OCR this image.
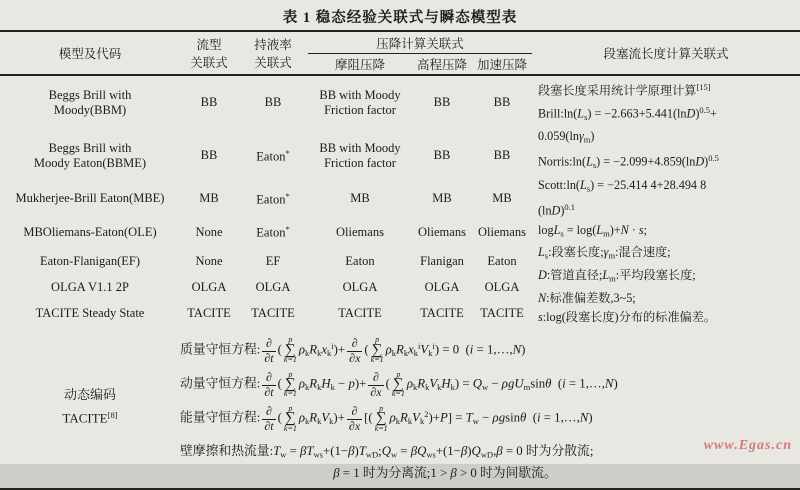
表 1 稳态经验关联式与瞬态模型表
模型及代码	流型
关联式	持液率
关联式	压降计算关联式			段塞流长度计算关联式
			摩阻压降	高程压降	加速压降	
Beggs Brill with
Moody(BBM)	BB	BB	BB with Moody Friction factor	BB	BB	
段塞长度采用统计学原理计算[15]
$Brill:\ln(L_s) = -2.663+5.441(\ln D)^{0.5}+$
0.059(lnγ$_m$)
$Norris:\ln(L_s) = -2.099+4.859(\ln D)^{0.5}$
$Scott:\ln(L_s) = -25.414$ 4+28.494 8
$(\ln D)^{0.1}$
$\log L_s = \log(L_m)+N \cdot s$;
$L_s$:段塞长度$;\gamma_m$:混合速度;
D:管道直径$;L_m$:平均段塞长度;
N:标准偏差数,3~5;
s:log(段塞长度)分布的标准偏差。

Beggs Brill with
Moody Eaton(BBME)	BB	Eaton*	BB with Moody Friction factor	BB	BB	
Mukherjee-Brill Eaton(MBE)	MB	Eaton*	MB	MB	MB	
MBOliemans-Eaton(OLE)	None	Eaton*	Oliemans	Oliemans	Oliemans	
Eaton-Flanigan(EF)	None	EF	Eaton	Flanigan	Eaton	
OLGA V1.1 2P	OLGA	OLGA	OLGA	OLGA	OLGA	
TACITE Steady State	TACITE	TACITE	TACITE	TACITE	TACITE	
动态编码
TACITE[8]	
质量守恒方程: ∂
∂t
(
p
∑
k=1
$\rho_kR_kx_k^i)+$ ∂
∂x
(
p
∑
k=1
$\rho_kR_kx_k^iV_k^i) = 0$  (i = 1,…,N)
动量守恒方程: ∂
∂t
(
p
∑
k=1
$\rho_kR_kH_k - p)+$ ∂
∂x
(
p
∑
k=1
$\rho_kR_kV_kH_k) = Q_w - \rho gU_m\sin\theta$  (i = 1,…,N)
能量守恒方程: ∂
∂t
(
p
∑
k=1
$\rho_kR_kV_k)+$ ∂
∂x
[(
p
∑
k=1
$\rho_kR_kV_k^2)+P] = T_w - \rho gsin\theta$  (i = 1,…,N)
壁摩擦和热流量$:T_w$ = $\beta T_{ws}+(1-\beta)T_{wD};Q_w = \beta Q_{ws}+(1-\beta)Q_{wD},\beta = 0$ 时为分散流;
β = 1 时为分离流;1 > β > 0 时为间歇流。
www.Egas.cn
